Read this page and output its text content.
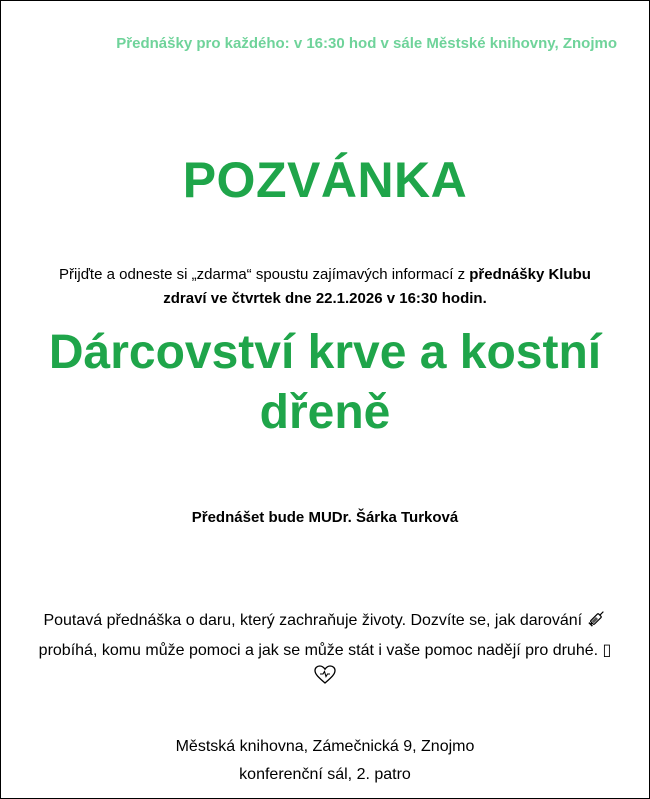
Přednášky pro každého: v 16:30 hod v sále Městské knihovny, Znojmo
POZVÁNKA
Přijďte a odneste si „zdarma“ spoustu zajímavých informací z přednášky Klubu zdraví ve čtvrtek dne 22.1.2026 v 16:30 hodin.
Dárcovství krve a kostní
dřeně
Přednášet bude MUDr. Šárka Turková
Poutavá přednáška o daru, který zachraňuje životy. Dozvíte se, jak darování  probíhá, komu může pomoci a jak se může stát i vaše pomoc nadějí pro druhé. ▯
Městská knihovna, Zámečnická 9, Znojmo
konferenční sál, 2. patro
